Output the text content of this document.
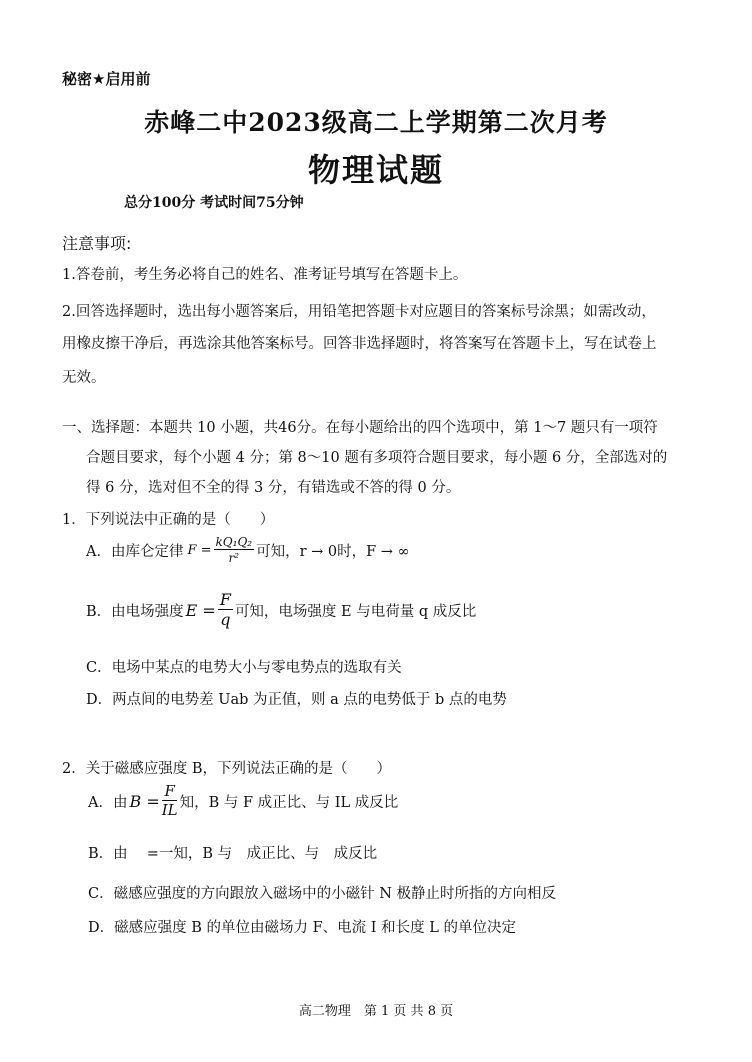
秘密★启用前
赤峰二中2023级高二上学期第二次月考
物理试题
总分100分 考试时间75分钟
注意事项:
1.答卷前，考生务必将自己的姓名、准考证号填写在答题卡上。
2.回答选择题时，选出每小题答案后，用铅笔把答题卡对应题目的答案标号涂黑；如需改动，
用橡皮擦干净后，再选涂其他答案标号。回答非选择题时，将答案写在答题卡上，写在试卷上
无效。
一、选择题：本题共 10 小题，共46分。在每小题给出的四个选项中，第 1～7 题只有一项符
合题目要求，每个小题 4 分；第 8～10 题有多项符合题目要求，每小题 6 分，全部选对的
得 6 分，选对但不全的得 3 分，有错选或不答的得 0 分。
1．下列说法中正确的是（　　）
A．由库仑定律 $F = \frac{\text{kQ₁Q₂}}{\text{r²}}$ 可知，r → 0时，F → ∞
B．由电场强度 $E = \frac{F}{q}$ 可知，电场强度 E 与电荷量 q 成反比
C．电场中某点的电势大小与零电势点的选取有关
D．两点间的电势差 Uab 为正值，则 a 点的电势低于 b 点的电势
2．关于磁感应强度 B，下列说法正确的是（　　）
A．由 $B = \frac{F}{IL}$ 知，B 与 F 成正比、与 IL 成反比
B．由　 =一知，B 与　成正比、与　成反比
C．磁感应强度的方向跟放入磁场中的小磁针 N 极静止时所指的方向相反
D．磁感应强度 B 的单位由磁场力 F、电流 I 和长度 L 的单位决定
高二物理　第 1 页 共 8 页
